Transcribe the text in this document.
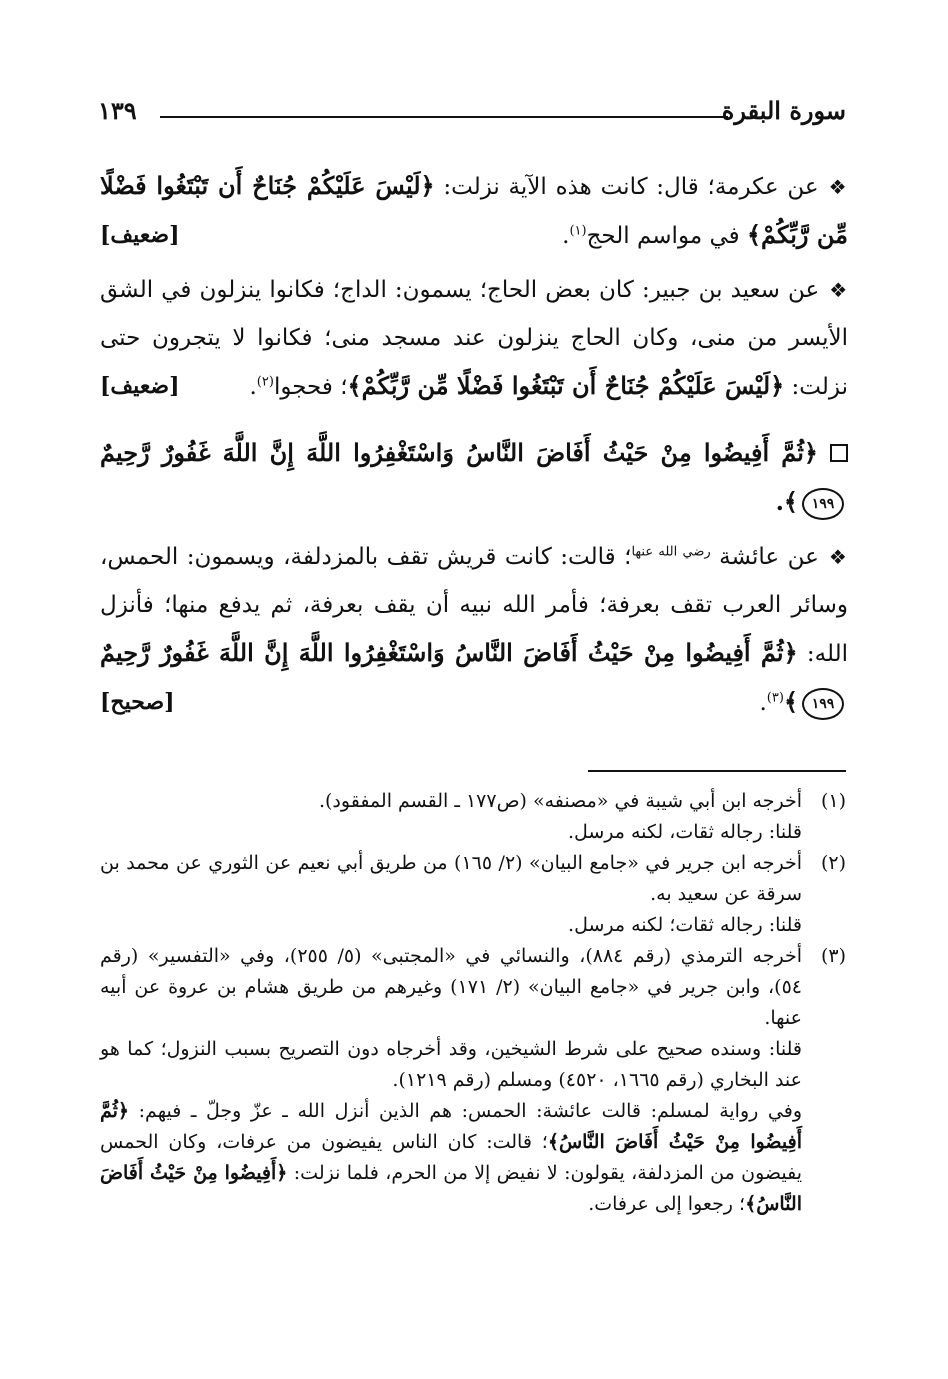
سورة البقرة
١٣٩

❖عن عكرمة؛ قال: كانت هذه الآية نزلت: ﴿لَيْسَ عَلَيْكُمْ جُنَاحٌ أَن تَبْتَغُوا فَضْلًا مِّن رَّبِّكُمْ﴾ في مواسم الحج$^{(١)}$.
[ضعيف]

❖عن سعيد بن جبير: كان بعض الحاج؛ يسمون: الداج؛ فكانوا ينزلون في الشق الأيسر من منى، وكان الحاج ينزلون عند مسجد منى؛ فكانوا لا يتجرون حتى نزلت: ﴿لَيْسَ عَلَيْكُمْ جُنَاحٌ أَن تَبْتَغُوا فَضْلًا مِّن رَّبِّكُمْ﴾؛ فحجوا$^{(٢)}$.
[ضعيف]

﴿ثُمَّ أَفِيضُوا مِنْ حَيْثُ أَفَاضَ النَّاسُ وَاسْتَغْفِرُوا اللَّهَ إِنَّ اللَّهَ غَفُورٌ رَّحِيمٌ١٩٩﴾.

❖عن عائشة $^{رضي الله عنها}$؛ قالت: كانت قريش تقف بالمزدلفة، ويسمون: الحمس، وسائر العرب تقف بعرفة؛ فأمر الله نبيه أن يقف بعرفة، ثم يدفع منها؛ فأنزل الله: ﴿ثُمَّ أَفِيضُوا مِنْ حَيْثُ أَفَاضَ النَّاسُ وَاسْتَغْفِرُوا اللَّهَ إِنَّ اللَّهَ غَفُورٌ رَّحِيمٌ١٩٩﴾$^{(٣)}$.
[صحيح]

(١)
أخرجه ابن أبي شيبة في «مصنفه» (ص١٧٧ ـ القسم المفقود).
قلنا: رجاله ثقات، لكنه مرسل.
(٢)
أخرجه ابن جرير في «جامع البيان» (٢/ ١٦٥) من طريق أبي نعيم عن الثوري عن محمد بن سرقة عن سعيد به.
قلنا: رجاله ثقات؛ لكنه مرسل.
(٣)
أخرجه الترمذي (رقم ٨٨٤)، والنسائي في «المجتبى» (٥/ ٢٥٥)، وفي «التفسير» (رقم ٥٤)، وابن جرير في «جامع البيان» (٢/ ١٧١) وغيرهم من طريق هشام بن عروة عن أبيه عنها.
قلنا: وسنده صحيح على شرط الشيخين، وقد أخرجاه دون التصريح بسبب النزول؛ كما هو عند البخاري (رقم ١٦٦٥، ٤٥٢٠) ومسلم (رقم ١٢١٩).
وفي رواية لمسلم: قالت عائشة: الحمس: هم الذين أنزل الله ـ عزّ وجلّ ـ فيهم: ﴿ثُمَّ أَفِيضُوا مِنْ حَيْثُ أَفَاضَ النَّاسُ﴾؛ قالت: كان الناس يفيضون من عرفات، وكان الحمس يفيضون من المزدلفة، يقولون: لا نفيض إلا من الحرم، فلما نزلت: ﴿أَفِيضُوا مِنْ حَيْثُ أَفَاضَ النَّاسُ﴾؛ رجعوا إلى عرفات.
